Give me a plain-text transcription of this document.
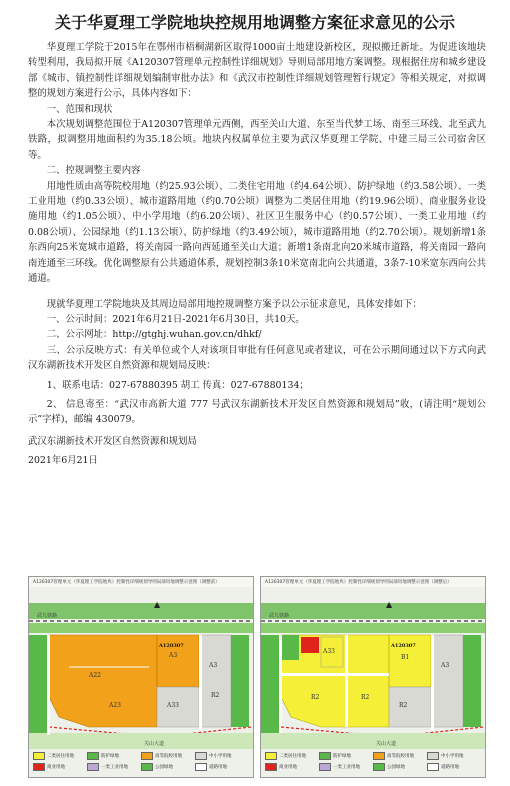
关于华夏理工学院地块控规用地调整方案征求意见的公示

华夏理工学院于2015年在鄂州市梧桐湖新区取得1000亩土地建设新校区，现拟搬迁新址。为促进该地块转型利用，我局拟开展《A120307管理单元控制性详细规划》导则局部用地方案调整。现根据住房和城乡建设部《城市、镇控制性详细规划编制审批办法》和《武汉市控制性详细规划管理暂行规定》等相关规定，对拟调整的规划方案进行公示，具体内容如下：

一、范围和现状

本次规划调整范围位于A120307管理单元西侧，西至关山大道、东至当代梦工场、南至三环线、北至武九铁路，拟调整用地面积约为35.18公顷。地块内权属单位主要为武汉华夏理工学院、中建三局三公司宿舍区等。

二、控规调整主要内容

用地性质由高等院校用地（约25.93公顷）、二类住宅用地（约4.64公顷）、防护绿地（约3.58公顷）、一类工业用地（约0.33公顷）、城市道路用地（约0.70公顷）调整为二类居住用地（约19.96公顷）、商业服务业设施用地（约1.05公顷）、中小学用地（约6.20公顷）、社区卫生服务中心（约0.57公顷）、一类工业用地（约0.08公顷）、公园绿地（约1.13公顷）、防护绿地（约3.49公顷），城市道路用地（约2.70公顷）。规划新增1条东西向25米宽城市道路，将关南园一路向西延通至关山大道；新增1条南北向20米城市道路，将关南园一路向南连通至三环线。优化调整原有公共通道体系，规划控制3条10米宽南北向公共通道，3条7-10米宽东西向公共通道。

现就华夏理工学院地块及其周边局部用地控规调整方案予以公示征求意见，具体安排如下：

一、公示时间：2021年6月21日-2021年6月30日，共10天。

二、公示网址：http://gtghj.wuhan.gov.cn/dhkf/

三、公示反映方式：有关单位或个人对该项目审批有任何意见或者建议，可在公示期间通过以下方式向武汉东湖新技术开发区自然资源和规划局反映：

1、联系电话：027-67880395 胡工 传真：027-67880134；

2、 信息寄至：“武汉市高新大道 777 号武汉东湖新技术开发区自然资源和规划局”收，(请注明“规划公示”字样)，邮编 430079。

武汉东湖新技术开发区自然资源和规划局

2021年6月21日

A120307管理单元（华夏理工学院地块）控制性详细规划导则局部用地调整示意图（调整前）
武九铁路
A22
A23
A3
A3
A33
R2
A120307
关山大道
▲
二类居住用地	防护绿地	高等院校用地	中小学用地
商业用地	一类工业用地	公园绿地	道路用地
A120307管理单元（华夏理工学院地块）控制性详细规划导则局部用地调整示意图（调整后）
武九铁路
A33
R2	R2
B1
A3
R2
A120307
关山大道
▲
二类居住用地	防护绿地	高等院校用地	中小学用地
商业用地	一类工业用地	公园绿地	道路用地
